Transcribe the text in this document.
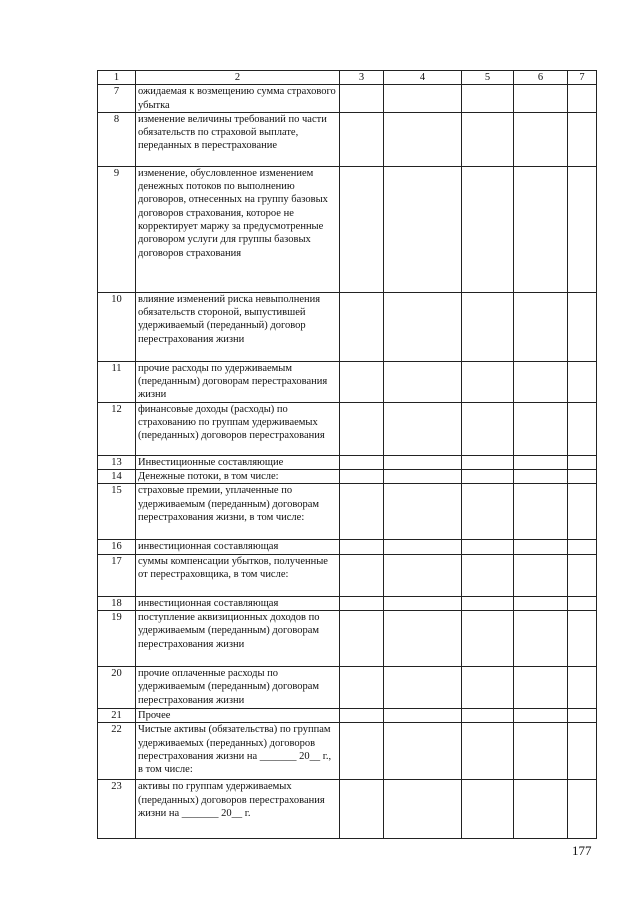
1	2	3	4	5	6	7
7	ожидаемая к возмещению сумма страхового убытка					
8	изменение величины требований по части обязательств по страховой выплате, переданных в перестрахование					
9	изменение, обусловленное изменением денежных потоков по выполнению договоров, отнесенных на группу базовых договоров страхования, которое не корректирует маржу за предусмотренные договором услуги для группы базовых договоров страхования					
10	влияние изменений риска невыполнения обязательств стороной, выпустившей удерживаемый (переданный) договор перестрахования жизни					
11	прочие расходы по удерживаемым (переданным) договорам перестрахования жизни					
12	финансовые доходы (расходы) по страхованию по группам удерживаемых (переданных) договоров перестрахования					
13	Инвестиционные составляющие					
14	Денежные потоки, в том числе:					
15	страховые премии, уплаченные по удерживаемым (переданным) договорам перестрахования жизни, в том числе:					
16	инвестиционная составляющая					
17	суммы компенсации убытков, полученные от перестраховщика, в том числе:					
18	инвестиционная составляющая					
19	поступление аквизиционных доходов по удерживаемым (переданным) договорам перестрахования жизни					
20	прочие оплаченные расходы по удерживаемым (переданным) договорам перестрахования жизни					
21	Прочее					
22	Чистые активы (обязательства) по группам удерживаемых (переданных) договоров перестрахования жизни на _______ 20__ г., в том числе:					
23	активы по группам удерживаемых (переданных) договоров перестрахования жизни на _______ 20__ г.					
177
